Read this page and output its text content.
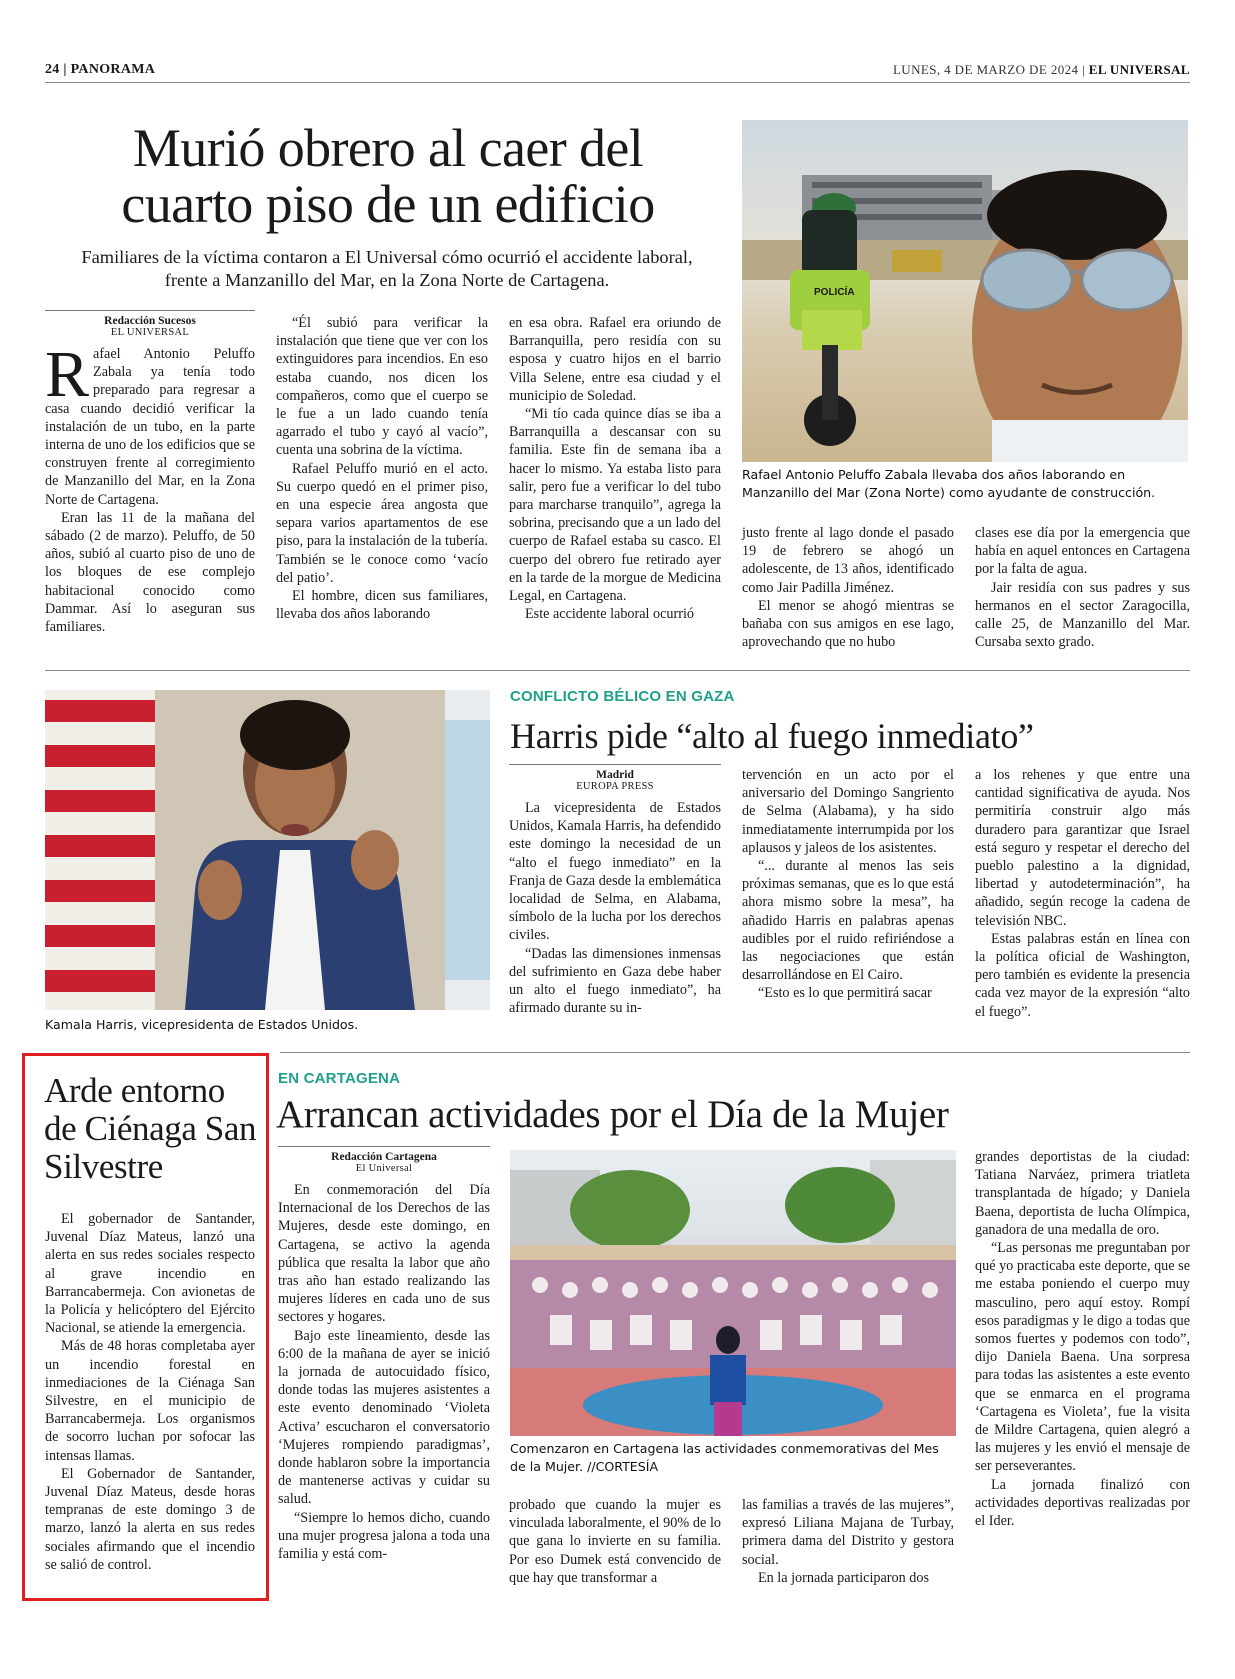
24 | PANORAMA	LUNES, 4 DE MARZO DE 2024 | EL UNIVERSAL
Murió obrero al caer del cuarto piso de un edificio
Familiares de la víctima contaron a El Universal cómo ocurrió el accidente laboral, frente a Manzanillo del Mar, en la Zona Norte de Cartagena.
Redacción Sucesos
EL UNIVERSAL

Rafael Antonio Peluffo Zabala ya tenía todo preparado para regresar a casa cuando decidió verificar la instalación de un tubo, en la parte interna de uno de los edificios que se construyen frente al corregimiento de Manzanillo del Mar, en la Zona Norte de Cartagena.

Eran las 11 de la mañana del sábado (2 de marzo). Peluffo, de 50 años, subió al cuarto piso de uno de los bloques de ese complejo habitacional conocido como Dammar. Así lo aseguran sus familiares.

“Él subió para verificar la instalación que tiene que ver con los extinguidores para incendios. En eso estaba cuando, nos dicen los compañeros, como que el cuerpo se le fue a un lado cuando tenía agarrado el tubo y cayó al vacío”, cuenta una sobrina de la víctima.

Rafael Peluffo murió en el acto. Su cuerpo quedó en el primer piso, en una especie área angosta que separa varios apartamentos de ese piso, para la instalación de la tubería. También se le conoce como ‘vacío del patio’.

El hombre, dicen sus familiares, llevaba dos años laborando

en esa obra. Rafael era oriundo de Barranquilla, pero residía con su esposa y cuatro hijos en el barrio Villa Selene, entre esa ciudad y el municipio de Soledad.

“Mi tío cada quince días se iba a Barranquilla a descansar con su familia. Este fin de semana iba a hacer lo mismo. Ya estaba listo para salir, pero fue a verificar lo del tubo para marcharse tranquilo”, agrega la sobrina, precisando que a un lado del cuerpo de Rafael estaba su casco. El cuerpo del obrero fue retirado ayer en la tarde de la morgue de Medicina Legal, en Cartagena.

Este accidente laboral ocurrió

justo frente al lago donde el pasado 19 de febrero se ahogó un adolescente, de 13 años, identificado como Jair Padilla Jiménez.

El menor se ahogó mientras se bañaba con sus amigos en ese lago, aprovechando que no hubo

clases ese día por la emergencia que había en aquel entonces en Cartagena por la falta de agua.

Jair residía con sus padres y sus hermanos en el sector Zaragocilla, calle 25, de Manzanillo del Mar. Cursaba sexto grado.

POLICÍA
Rafael Antonio Peluffo Zabala llevaba dos años laborando en Manzanillo del Mar (Zona Norte) como ayudante de construcción.
Kamala Harris, vicepresidenta de Estados Unidos.
CONFLICTO BÉLICO EN GAZA
Harris pide “alto al fuego inmediato”
Madrid
EUROPA PRESS

La vicepresidenta de Estados Unidos, Kamala Harris, ha defendido este domingo la necesidad de un “alto el fuego inmediato” en la Franja de Gaza desde la emblemática localidad de Selma, en Alabama, símbolo de la lucha por los derechos civiles.

“Dadas las dimensiones inmensas del sufrimiento en Gaza debe haber un alto el fuego inmediato”, ha afirmado durante su in-

tervención en un acto por el aniversario del Domingo Sangriento de Selma (Alabama), y ha sido inmediatamente interrumpida por los aplausos y jaleos de los asistentes.

“... durante al menos las seis próximas semanas, que es lo que está ahora mismo sobre la mesa”, ha añadido Harris en palabras apenas audibles por el ruido refiriéndose a las negociaciones que están desarrollándose en El Cairo.

“Esto es lo que permitirá sacar

a los rehenes y que entre una cantidad significativa de ayuda. Nos permitiría construir algo más duradero para garantizar que Israel está seguro y respetar el derecho del pueblo palestino a la dignidad, libertad y autodeterminación”, ha añadido, según recoge la cadena de televisión NBC.

Estas palabras están en línea con la política oficial de Washington, pero también es evidente la presencia cada vez mayor de la expresión “alto el fuego”.

Arde entorno de Ciénaga San Silvestre

El gobernador de Santander, Juvenal Díaz Mateus, lanzó una alerta en sus redes sociales respecto al grave incendio en Barrancabermeja. Con avionetas de la Policía y helicóptero del Ejército Nacional, se atiende la emergencia.

Más de 48 horas completaba ayer un incendio forestal en inmediaciones de la Ciénaga San Silvestre, en el municipio de Barrancabermeja. Los organismos de socorro luchan por sofocar las intensas llamas.

El Gobernador de Santander, Juvenal Díaz Mateus, desde horas tempranas de este domingo 3 de marzo, lanzó la alerta en sus redes sociales afirmando que el incendio se salió de control.

EN CARTAGENA
Arrancan actividades por el Día de la Mujer
Redacción Cartagena
El Universal

En conmemoración del Día Internacional de los Derechos de las Mujeres, desde este domingo, en Cartagena, se activo la agenda pública que resalta la labor que año tras año han estado realizando las mujeres líderes en cada uno de sus sectores y hogares.

Bajo este lineamiento, desde las 6:00 de la mañana de ayer se inició la jornada de autocuidado físico, donde todas las mujeres asistentes a este evento denominado ‘Violeta Activa’ escucharon el conversatorio ‘Mujeres rompiendo paradigmas’, donde hablaron sobre la importancia de mantenerse activas y cuidar su salud.

“Siempre lo hemos dicho, cuando una mujer progresa jalona a toda una familia y está com-

Comenzaron en Cartagena las actividades conmemorativas del Mes de la Mujer. //CORTESÍA

probado que cuando la mujer es vinculada laboralmente, el 90% de lo que gana lo invierte en su familia. Por eso Dumek está convencido de que hay que transformar a

las familias a través de las mujeres”, expresó Liliana Majana de Turbay, primera dama del Distrito y gestora social.

En la jornada participaron dos

grandes deportistas de la ciudad: Tatiana Narváez, primera triatleta transplantada de hígado; y Daniela Baena, deportista de lucha Olímpica, ganadora de una medalla de oro.

“Las personas me preguntaban por qué yo practicaba este deporte, que se me estaba poniendo el cuerpo muy masculino, pero aquí estoy. Rompí esos paradigmas y le digo a todas que somos fuertes y podemos con todo”, dijo Daniela Baena. Una sorpresa para todas las asistentes a este evento que se enmarca en el programa ‘Cartagena es Violeta’, fue la visita de Mildre Cartagena, quien alegró a las mujeres y les envió el mensaje de ser perseverantes.

La jornada finalizó con actividades deportivas realizadas por el Ider.
